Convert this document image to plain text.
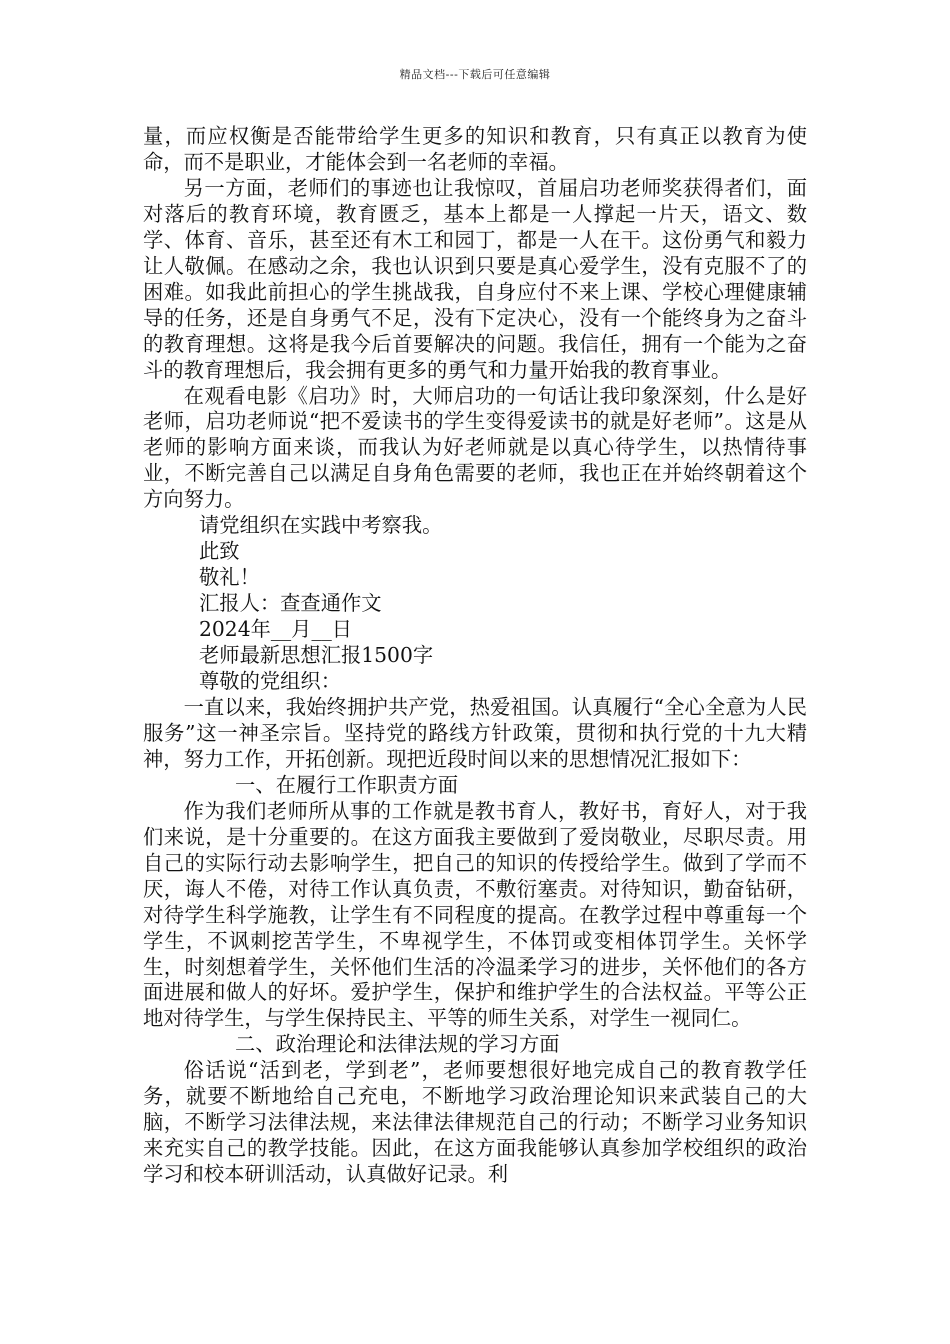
精品文档---下载后可任意编辑

量，而应权衡是否能带给学生更多的知识和教育，只有真正以教育为使命，而不是职业，才能体会到一名老师的幸福。

另一方面，老师们的事迹也让我惊叹，首届启功老师奖获得者们，面对落后的教育环境，教育匮乏，基本上都是一人撑起一片天，语文、数学、体育、音乐，甚至还有木工和园丁，都是一人在干。这份勇气和毅力让人敬佩。在感动之余，我也认识到只要是真心爱学生，没有克服不了的困难。如我此前担心的学生挑战我，自身应付不来上课、学校心理健康辅导的任务，还是自身勇气不足，没有下定决心，没有一个能终身为之奋斗的教育理想。这将是我今后首要解决的问题。我信任，拥有一个能为之奋斗的教育理想后，我会拥有更多的勇气和力量开始我的教育事业。

在观看电影《启功》时，大师启功的一句话让我印象深刻，什么是好老师，启功老师说“把不爱读书的学生变得爱读书的就是好老师”。这是从老师的影响方面来谈，而我认为好老师就是以真心待学生，以热情待事业，不断完善自己以满足自身角色需要的老师，我也正在并始终朝着这个方向努力。

请党组织在实践中考察我。

此致

敬礼！

汇报人：查查通作文

2024年__月__日

老师最新思想汇报1500字

尊敬的党组织：

一直以来，我始终拥护共产党，热爱祖国。认真履行“全心全意为人民服务”这一神圣宗旨。坚持党的路线方针政策，贯彻和执行党的十九大精神，努力工作，开拓创新。现把近段时间以来的思想情况汇报如下：

一、在履行工作职责方面

作为我们老师所从事的工作就是教书育人，教好书，育好人，对于我们来说，是十分重要的。在这方面我主要做到了爱岗敬业，尽职尽责。用自己的实际行动去影响学生，把自己的知识的传授给学生。做到了学而不厌，诲人不倦，对待工作认真负责，不敷衍塞责。对待知识，勤奋钻研，对待学生科学施教，让学生有不同程度的提高。在教学过程中尊重每一个学生，不讽刺挖苦学生，不卑视学生，不体罚或变相体罚学生。关怀学生，时刻想着学生，关怀他们生活的冷温柔学习的进步，关怀他们的各方面进展和做人的好坏。爱护学生，保护和维护学生的合法权益。平等公正地对待学生，与学生保持民主、平等的师生关系，对学生一视同仁。

二、政治理论和法律法规的学习方面

俗话说“活到老，学到老”，老师要想很好地完成自己的教育教学任务，就要不断地给自己充电，不断地学习政治理论知识来武装自己的大脑，不断学习法律法规，来法律法律规范自己的行动；不断学习业务知识来充实自己的教学技能。因此，在这方面我能够认真参加学校组织的政治学习和校本研训活动，认真做好记录。利
